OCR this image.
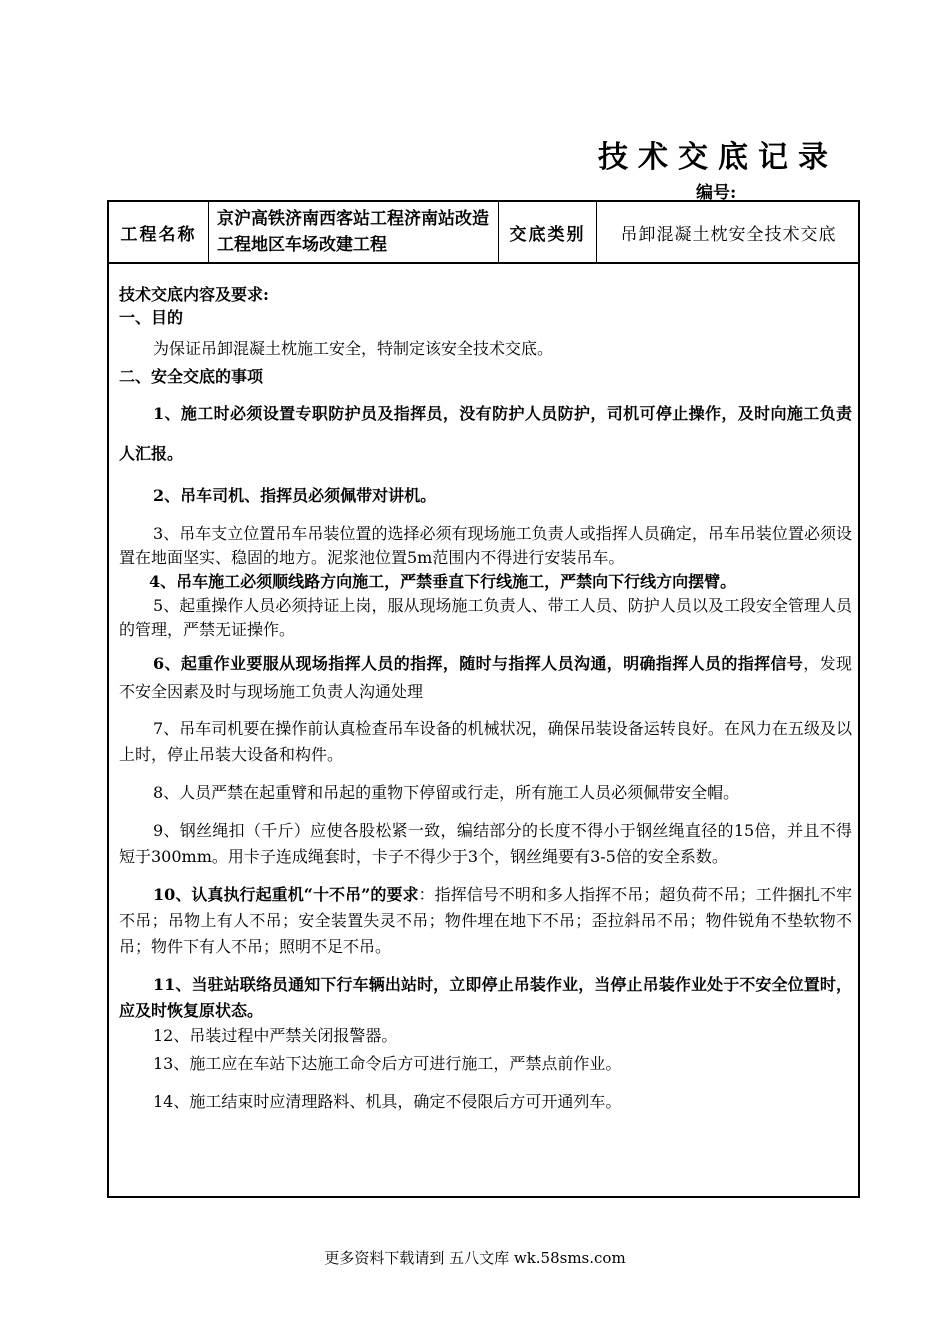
技术交底记录
编号:
工程名称
京沪高铁济南西客站工程济南站改造工程地区车场改建工程
交底类别	吊卸混凝土枕安全技术交底
技术交底内容及要求:
一、目的
为保证吊卸混凝土枕施工安全，特制定该安全技术交底。
二、安全交底的事项
1、施工时必须设置专职防护员及指挥员，没有防护人员防护，司机可停止操作，及时向施工负责人汇报。
2、吊车司机、指挥员必须佩带对讲机。
3、吊车支立位置吊车吊装位置的选择必须有现场施工负责人或指挥人员确定，吊车吊装位置必须设置在地面坚实、稳固的地方。泥浆池位置5m范围内不得进行安装吊车。
4、吊车施工必须顺线路方向施工，严禁垂直下行线施工，严禁向下行线方向摆臂。
5、起重操作人员必须持证上岗，服从现场施工负责人、带工人员、防护人员以及工段安全管理人员的管理，严禁无证操作。
6、起重作业要服从现场指挥人员的指挥，随时与指挥人员沟通，明确指挥人员的指挥信号，发现不安全因素及时与现场施工负责人沟通处理
7、吊车司机要在操作前认真检查吊车设备的机械状况，确保吊装设备运转良好。在风力在五级及以上时，停止吊装大设备和构件。
8、人员严禁在起重臂和吊起的重物下停留或行走，所有施工人员必须佩带安全帽。
9、钢丝绳扣（千斤）应使各股松紧一致，编结部分的长度不得小于钢丝绳直径的15倍，并且不得短于300mm。用卡子连成绳套时，卡子不得少于3个，钢丝绳要有3-5倍的安全系数。
10、认真执行起重机“十不吊”的要求：指挥信号不明和多人指挥不吊；超负荷不吊；工件捆扎不牢不吊；吊物上有人不吊；安全装置失灵不吊；物件埋在地下不吊；歪拉斜吊不吊；物件锐角不垫软物不吊；物件下有人不吊；照明不足不吊。
11、当驻站联络员通知下行车辆出站时，立即停止吊装作业，当停止吊装作业处于不安全位置时，应及时恢复原状态。
12、吊装过程中严禁关闭报警器。
13、施工应在车站下达施工命令后方可进行施工，严禁点前作业。
14、施工结束时应清理路料、机具，确定不侵限后方可开通列车。
更多资料下载请到 五八文库 wk.58sms.com
